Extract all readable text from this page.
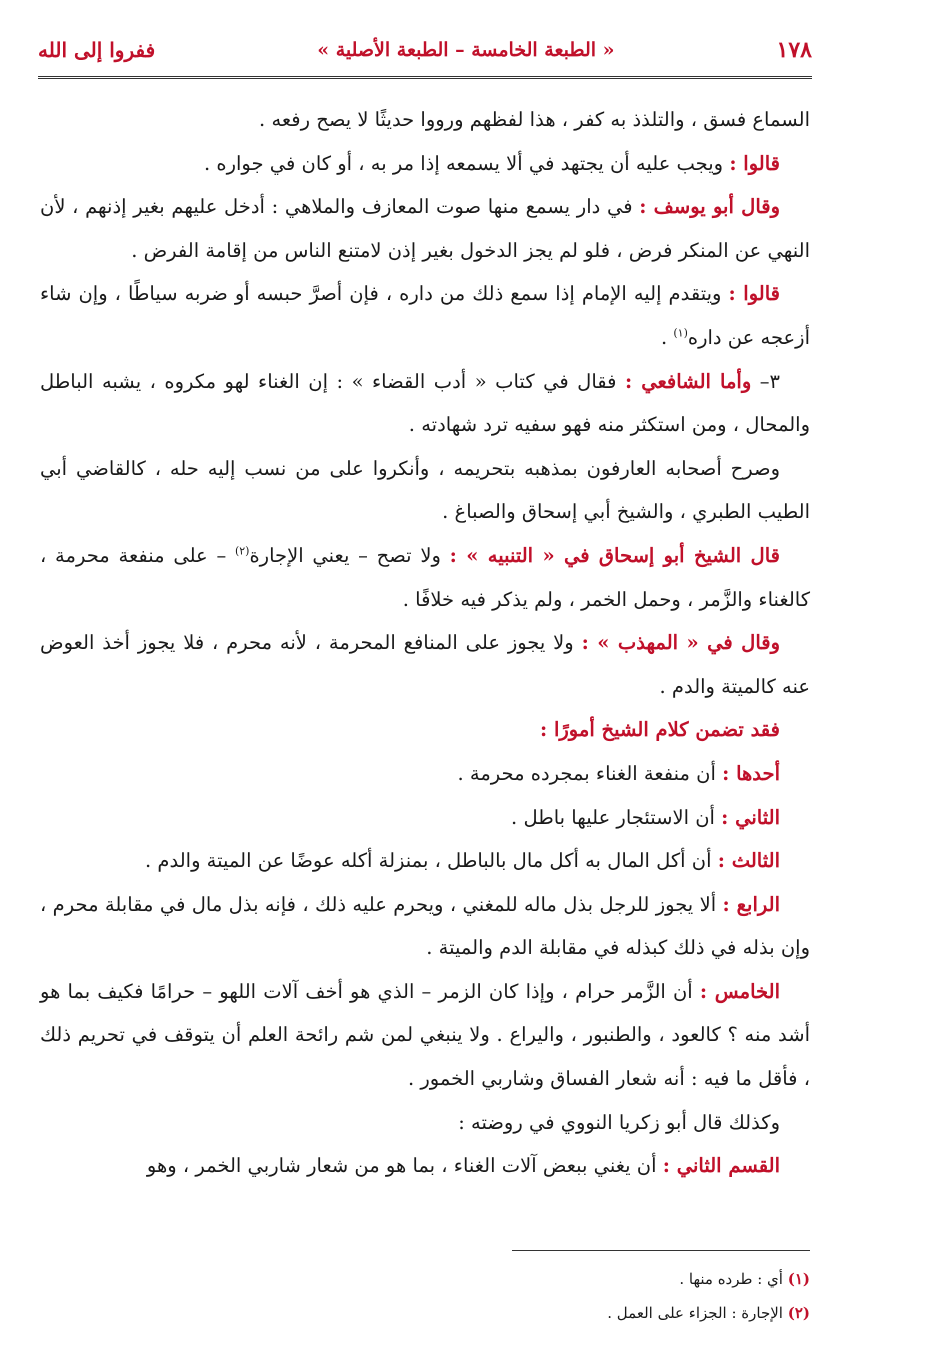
١٧٨
« الطبعة الخامسة – الطبعة الأصلية »
ففروا إلى الله

السماع فسق ، والتلذذ به كفر ، هذا لفظهم ورووا حديثًا لا يصح رفعه .

قالوا : ويجب عليه أن يجتهد في ألا يسمعه إذا مر به ، أو كان في جواره .

وقال أبو يوسف : في دار يسمع منها صوت المعازف والملاهي : أدخل عليهم بغير إذنهم ، لأن النهي عن المنكر فرض ، فلو لم يجز الدخول بغير إذن لامتنع الناس من إقامة الفرض .

قالوا : ويتقدم إليه الإمام إذا سمع ذلك من داره ، فإن أصرَّ حبسه أو ضربه سياطًا ، وإن شاء أزعجه عن داره$^{(١)}$ .

٣– وأما الشافعي : فقال في كتاب « أدب القضاء » : إن الغناء لهو مكروه ، يشبه الباطل والمحال ، ومن استكثر منه فهو سفيه ترد شهادته .

وصرح أصحابه العارفون بمذهبه بتحريمه ، وأنكروا على من نسب إليه حله ، كالقاضي أبي الطيب الطبري ، والشيخ أبي إسحاق والصباغ .

قال الشيخ أبو إسحاق في « التنبيه » : ولا تصح – يعني الإجارة$^{(٢)}$ – على منفعة محرمة ، كالغناء والزَّمر ، وحمل الخمر ، ولم يذكر فيه خلافًا .

وقال في « المهذب » : ولا يجوز على المنافع المحرمة ، لأنه محرم ، فلا يجوز أخذ العوض عنه كالميتة والدم .

فقد تضمن كلام الشيخ أمورًا :

أحدها : أن منفعة الغناء بمجرده محرمة .

الثاني : أن الاستئجار عليها باطل .

الثالث : أن أكل المال به أكل مال بالباطل ، بمنزلة أكله عوضًا عن الميتة والدم .

الرابع : ألا يجوز للرجل بذل ماله للمغني ، ويحرم عليه ذلك ، فإنه بذل مال في مقابلة محرم ، وإن بذله في ذلك كبذله في مقابلة الدم والميتة .

الخامس : أن الزَّمر حرام ، وإذا كان الزمر – الذي هو أخف آلات اللهو – حرامًا فكيف بما هو أشد منه ؟ كالعود ، والطنبور ، واليراع . ولا ينبغي لمن شم رائحة العلم أن يتوقف في تحريم ذلك ، فأقل ما فيه : أنه شعار الفساق وشاربي الخمور .

وكذلك قال أبو زكريا النووي في روضته :

القسم الثاني : أن يغني ببعض آلات الغناء ، بما هو من شعار شاربي الخمر ، وهو

(١) أي : طرده منها .

(٢) الإجارة : الجزاء على العمل .
